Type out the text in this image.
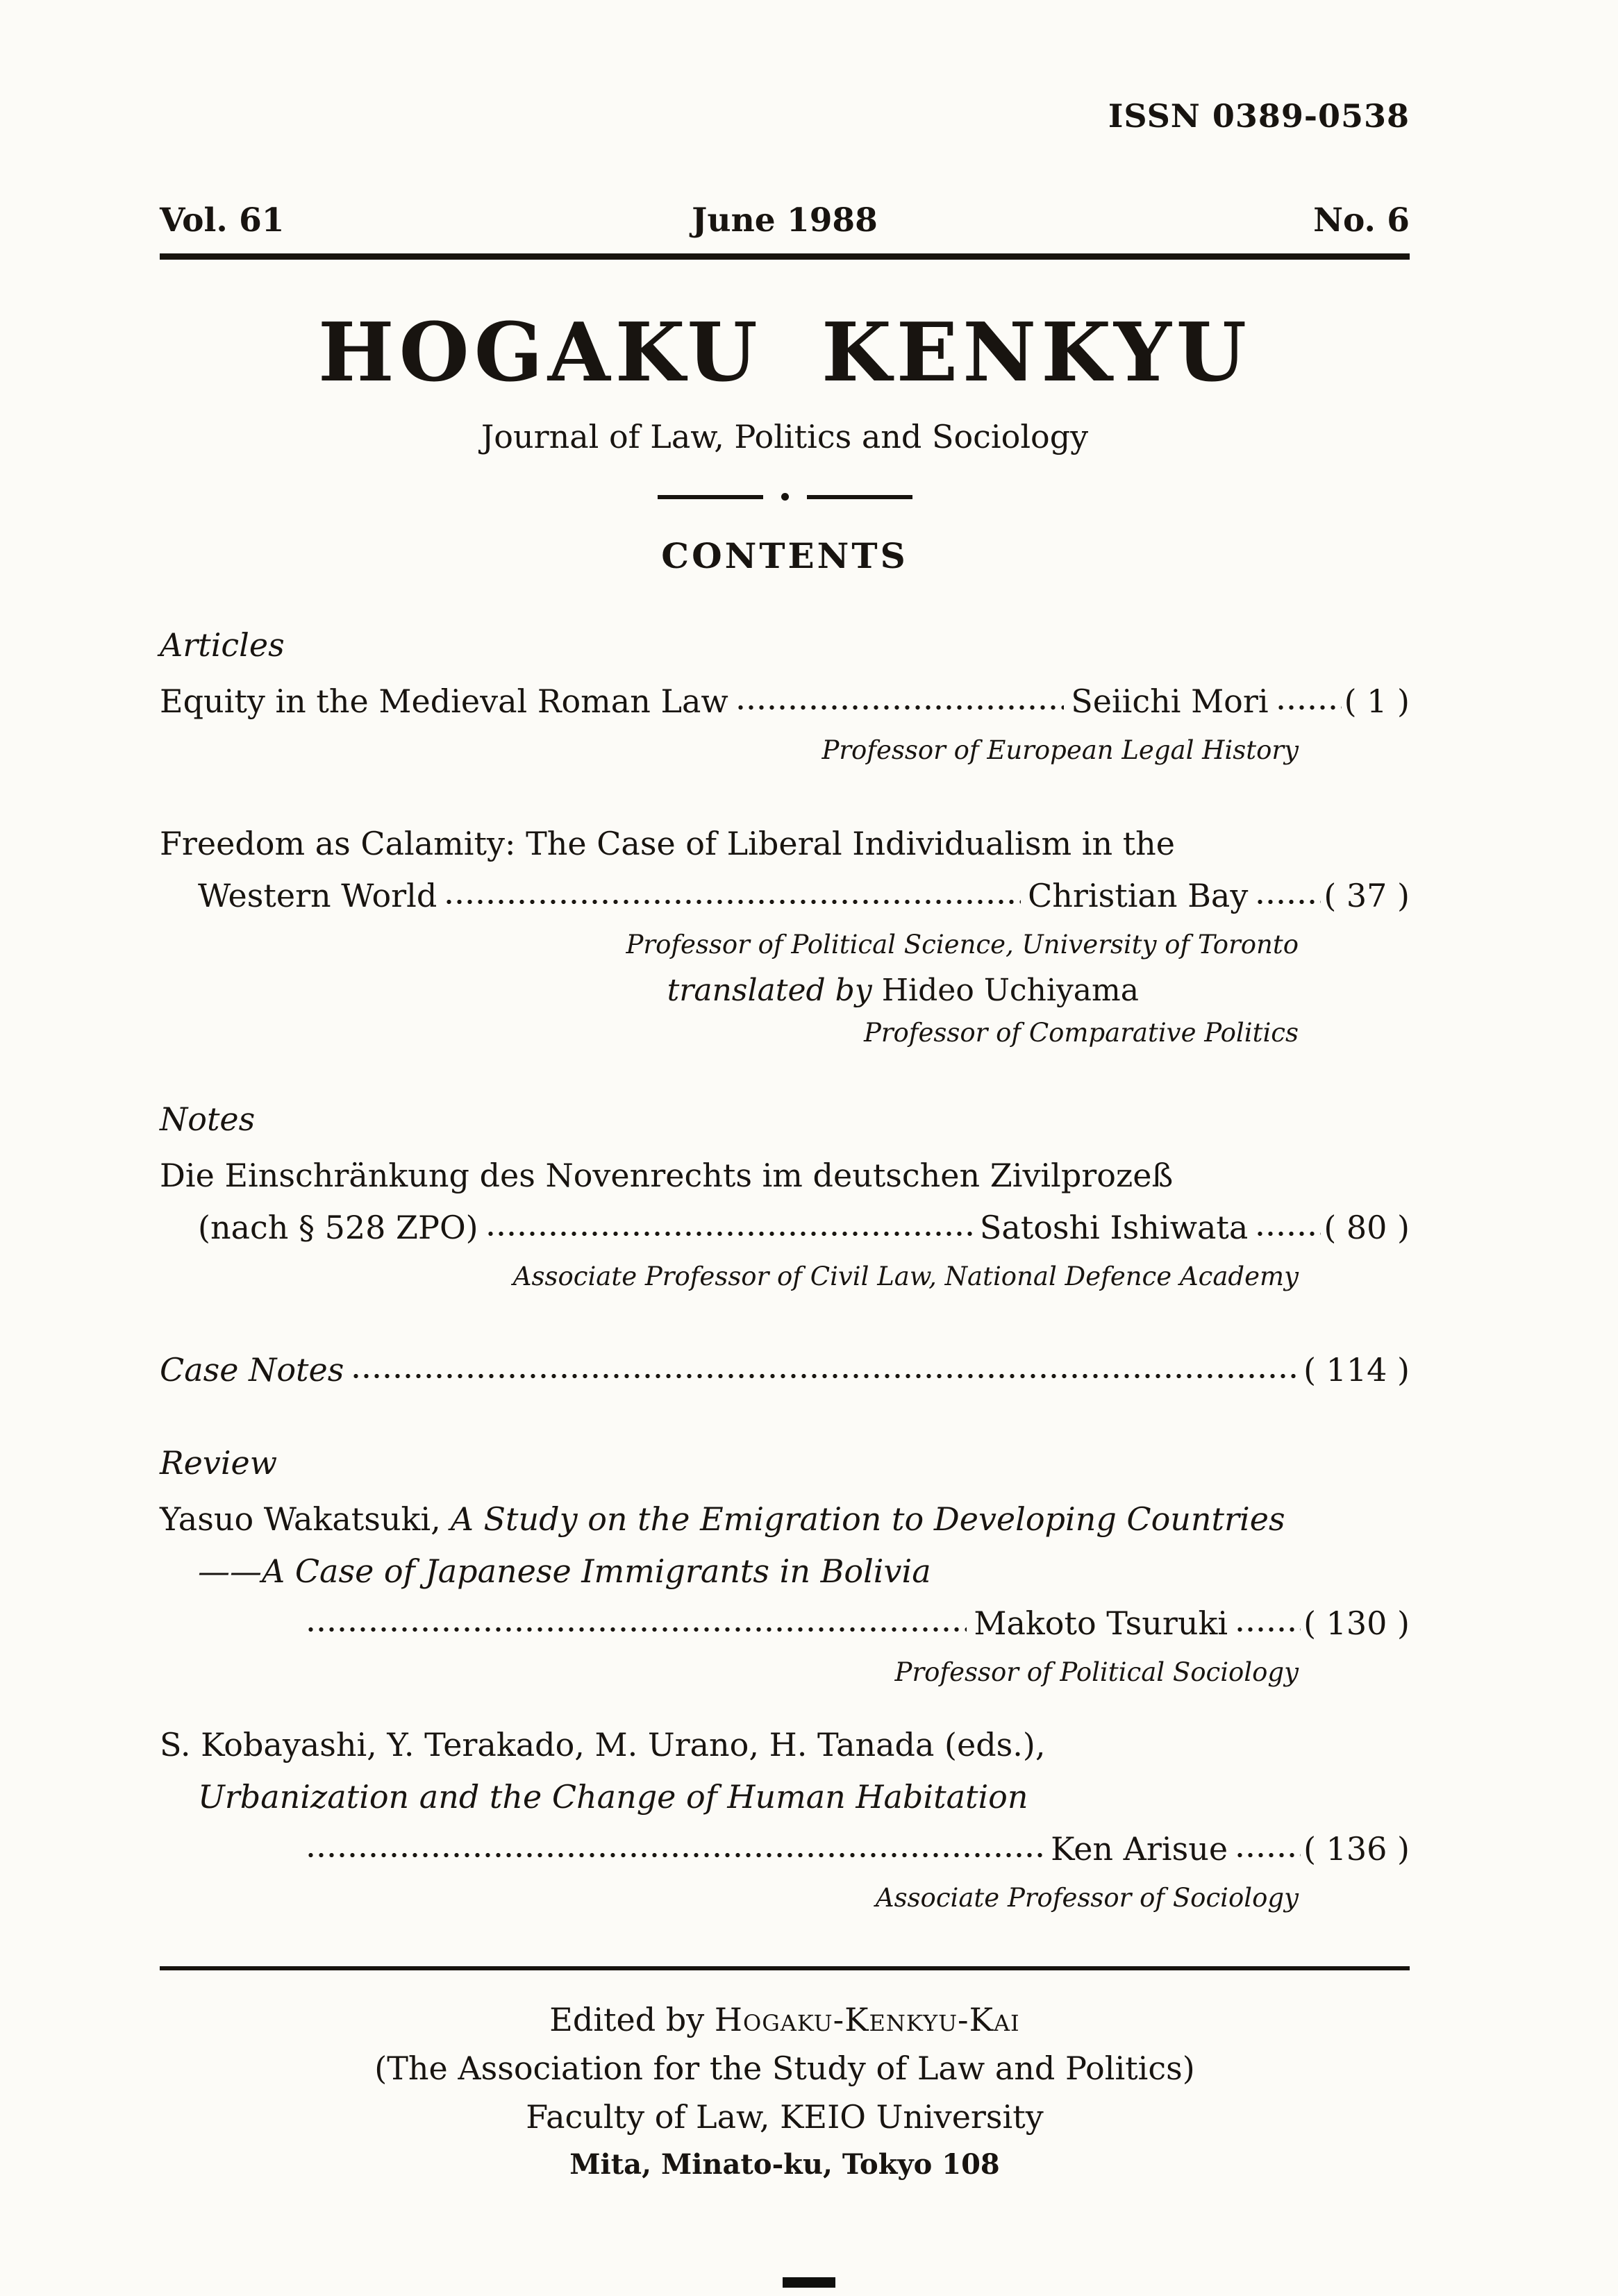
ISSN 0389-0538
Vol. 61	June 1988	No. 6
HOGAKU KENKYU
Journal of Law, Politics and Sociology
CONTENTS
Articles
Equity in the Medieval Roman Law	Seiichi Mori ( 1 )
Professor of European Legal History
Freedom as Calamity: The Case of Liberal Individualism in the
Western World	Christian Bay ( 37 )
Professor of Political Science, University of Toronto
translated by Hideo Uchiyama
Professor of Comparative Politics
Notes
Die Einschränkung des Novenrechts im deutschen Zivilprozeß
(nach § 528 ZPO)	Satoshi Ishiwata ( 80 )
Associate Professor of Civil Law, National Defence Academy
Case Notes	( 114 )
Review
Yasuo Wakatsuki, A Study on the Emigration to Developing Countries
——A Case of Japanese Immigrants in Bolivia
Makoto Tsuruki ( 130 )
Professor of Political Sociology
S. Kobayashi, Y. Terakado, M. Urano, H. Tanada (eds.),
Urbanization and the Change of Human Habitation
Ken Arisue ( 136 )
Associate Professor of Sociology
Edited by Hogaku-Kenkyu-Kai
(The Association for the Study of Law and Politics)
Faculty of Law, KEIO University
Mita, Minato-ku, Tokyo 108
